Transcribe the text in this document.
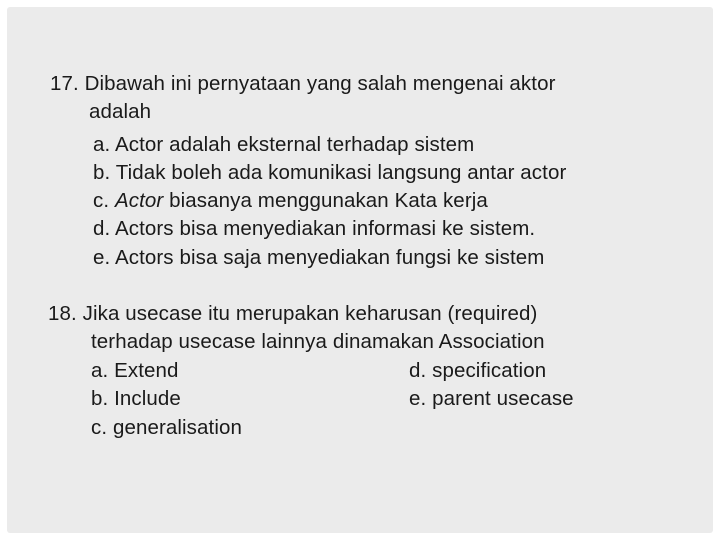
17. Dibawah ini pernyataan yang salah mengenai aktor
adalah
a. Actor adalah eksternal terhadap sistem
b. Tidak boleh ada komunikasi langsung antar actor
c. Actor biasanya menggunakan Kata kerja
d. Actors bisa menyediakan informasi ke sistem.
e. Actors bisa saja menyediakan fungsi ke sistem
18. Jika usecase itu merupakan keharusan (required)
terhadap usecase lainnya dinamakan Association
a. Extend	d. specification
b. Include	e. parent usecase
c. generalisation
